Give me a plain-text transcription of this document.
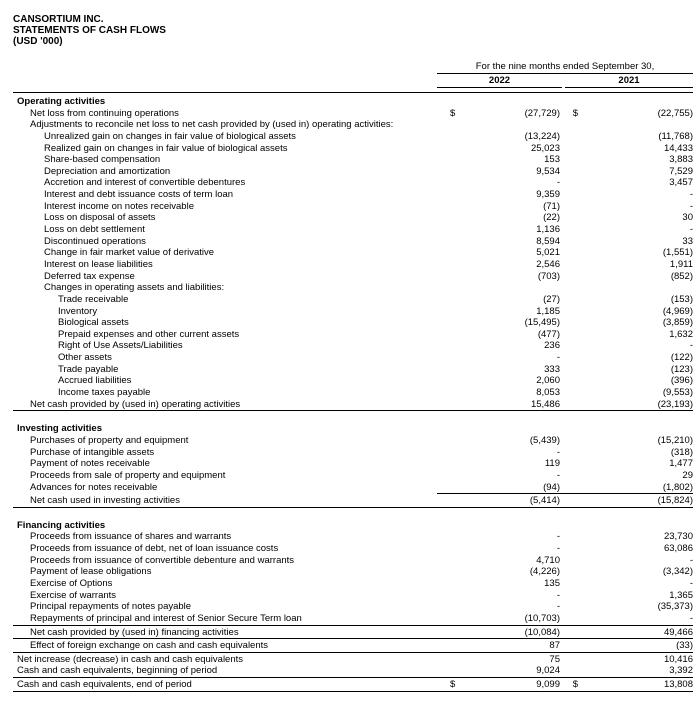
CANSORTIUM INC.
STATEMENTS OF CASH FLOWS
(USD '000)
For the nine months ended September 30,
2022	2021
Operating activities
Net loss from continuing operations	$	(27,729)	$	(22,755)
Adjustments to reconcile net loss to net cash provided by (used in) operating activities:
Unrealized gain on changes in fair value of biological assets	(13,224)	(11,768)
Realized gain on changes in fair value of biological assets	25,023	14,433
Share-based compensation	153	3,883
Depreciation and amortization	9,534	7,529
Accretion and interest of convertible debentures	-	3,457
Interest and debt issuance costs of term loan	9,359	-
Interest income on notes receivable	(71)	-
Loss on disposal of assets	(22)	30
Loss on debt settlement	1,136	-
Discontinued operations	8,594	33
Change in fair market value of derivative	5,021	(1,551)
Interest on lease liabilities	2,546	1,911
Deferred tax expense	(703)	(852)
Changes in operating assets and liabilities:
Trade receivable	(27)	(153)
Inventory	1,185	(4,969)
Biological assets	(15,495)	(3,859)
Prepaid expenses and other current assets	(477)	1,632
Right of Use Assets/Liabilities	236	-
Other assets	-	(122)
Trade payable	333	(123)
Accrued liabilities	2,060	(396)
Income taxes payable	8,053	(9,553)
Net cash provided by (used in) operating activities	15,486	(23,193)
Investing activities
Purchases of property and equipment	(5,439)	(15,210)
Purchase of intangible assets	-	(318)
Payment of notes receivable	119	1,477
Proceeds from sale of property and equipment	-	29
Advances for notes receivable	(94)	(1,802)
Net cash used in investing activities	(5,414)	(15,824)
Financing activities
Proceeds from issuance of shares and warrants	-	23,730
Proceeds from issuance of debt, net of loan issuance costs	-	63,086
Proceeds from issuance of convertible debenture and warrants	4,710	-
Payment of lease obligations	(4,226)	(3,342)
Exercise of Options	135	-
Exercise of warrants	-	1,365
Principal repayments of notes payable	-	(35,373)
Repayments of principal and interest of Senior Secure Term loan	(10,703)	-
Net cash provided by (used in) financing activities	(10,084)	49,466
Effect of foreign exchange on cash and cash equivalents	87	(33)
Net increase (decrease) in cash and cash equivalents	75	10,416
Cash and cash equivalents, beginning of period	9,024	3,392
Cash and cash equivalents, end of period	$	9,099	$	13,808
